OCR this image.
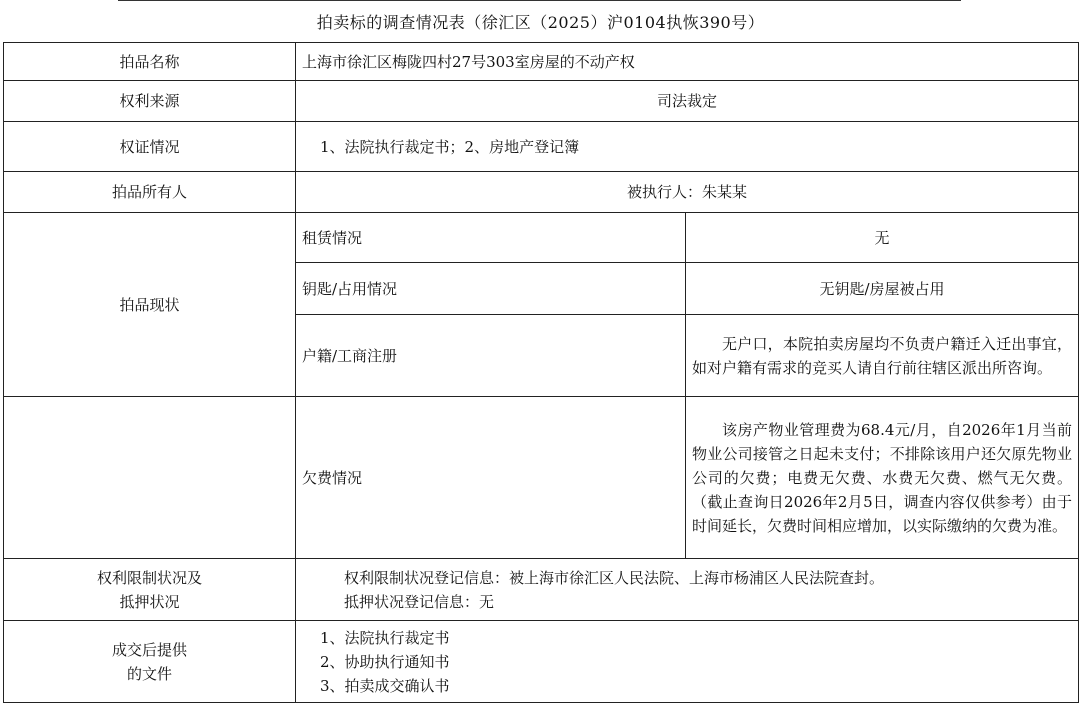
拍卖标的调查情况表（徐汇区（2025）沪0104执恢390号）
拍品名称	上海市徐汇区梅陇四村27号303室房屋的不动产权	
权利来源	司法裁定	
权证情况	1、法院执行裁定书；2、房地产登记簿	
拍品所有人	被执行人：朱某某	
拍品现状	租赁情况	无
	钥匙/占用情况	无钥匙/房屋被占用
	户籍/工商注册	无户口，本院拍卖房屋均不负责户籍迁入迁出事宜，如对户籍有需求的竞买人请自行前往辖区派出所咨询。
	欠费情况	该房产物业管理费为68.4元/月，自2026年1月当前物业公司接管之日起未支付；不排除该用户还欠原先物业公司的欠费；电费无欠费、水费无欠费、燃气无欠费。（截止查询日2026年2月5日，调查内容仅供参考）由于时间延长，欠费时间相应增加，以实际缴纳的欠费为准。

权利限制状况及
抵押状况	权利限制状况登记信息：被上海市徐汇区人民法院、上海市杨浦区人民法院查封。
抵押状况登记信息：无	

成交后提供
的文件	1、法院执行裁定书
2、协助执行通知书
3、拍卖成交确认书	
